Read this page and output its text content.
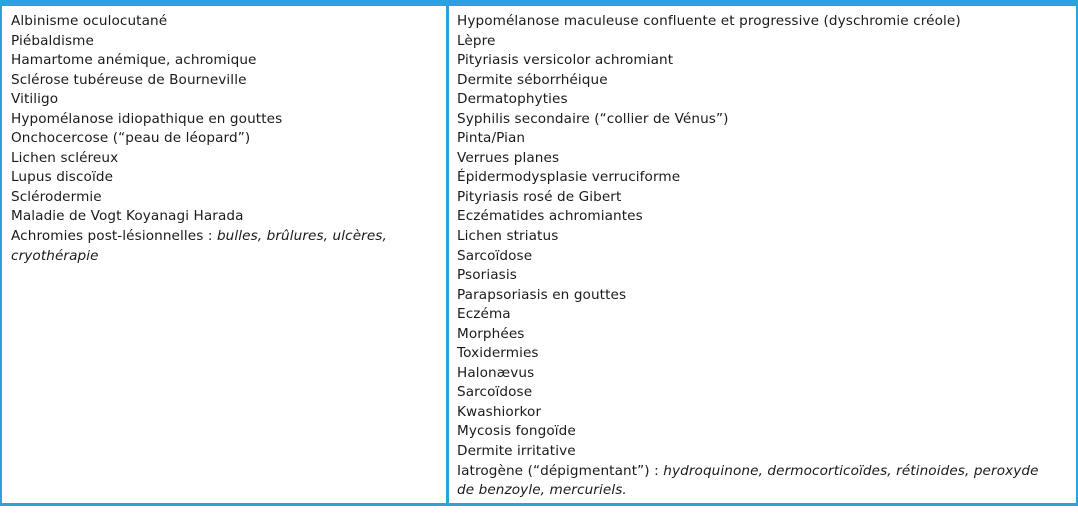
Albinisme oculocutané
Piébaldisme
Hamartome anémique, achromique
Sclérose tubéreuse de Bourneville
Vitiligo
Hypomélanose idiopathique en gouttes
Onchocercose (“peau de léopard”)
Lichen scléreux
Lupus discoïde
Sclérodermie
Maladie de Vogt Koyanagi Harada
Achromies post-lésionnelles : bulles, brûlures, ulcères, cryothérapie
Hypomélanose maculeuse confluente et progressive (dyschromie créole)
Lèpre
Pityriasis versicolor achromiant
Dermite séborrhéique
Dermatophyties
Syphilis secondaire (“collier de Vénus”)
Pinta/Pian
Verrues planes
Épidermodysplasie verruciforme
Pityriasis rosé de Gibert
Eczématides achromiantes
Lichen striatus
Sarcoïdose
Psoriasis
Parapsoriasis en gouttes
Eczéma
Morphées
Toxidermies
Halonævus
Sarcoïdose
Kwashiorkor
Mycosis fongoïde
Dermite irritative
Iatrogène (“dépigmentant”) : hydroquinone, dermocorticoïdes, rétinoides, peroxyde de benzoyle, mercuriels.
